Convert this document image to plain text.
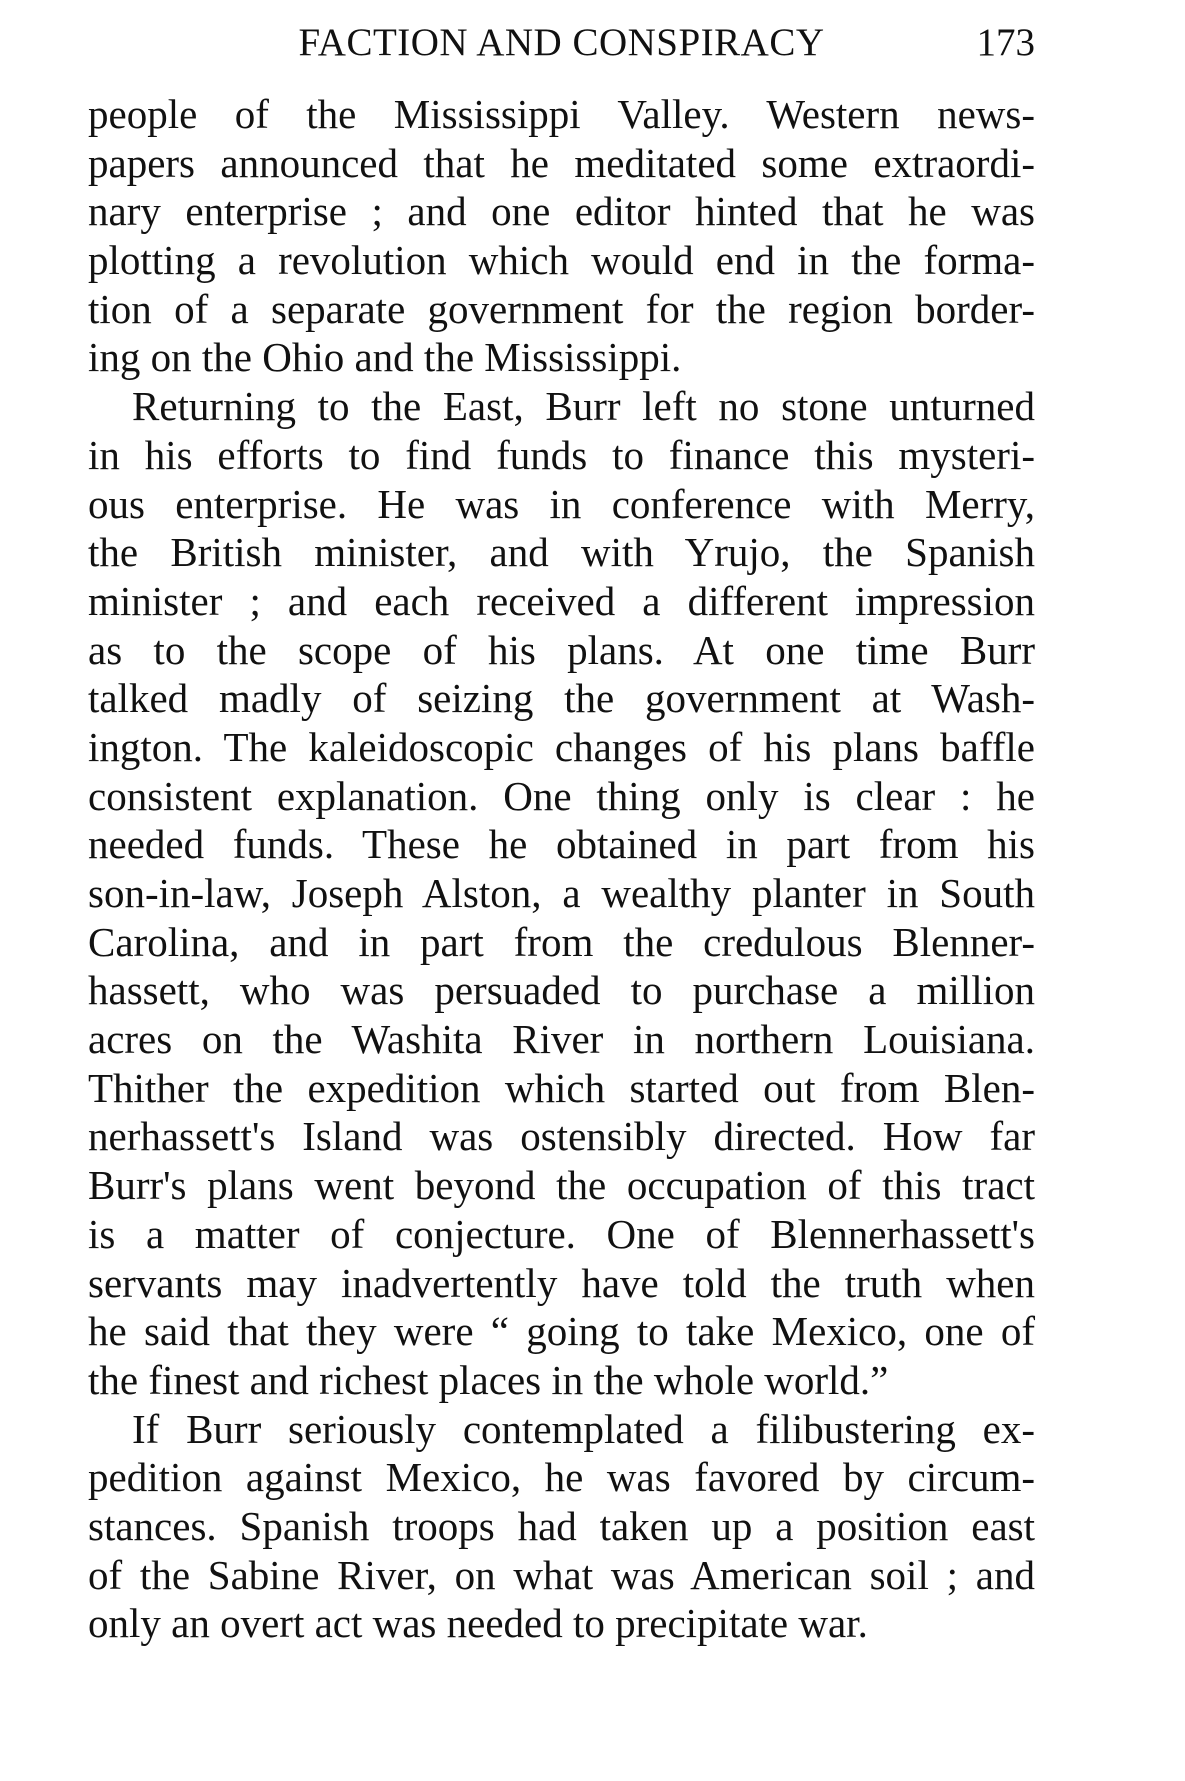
FACTION AND CONSPIRACY	173
people of the Mississippi Valley. Western news-
papers announced that he meditated some extraordi-
nary enterprise ; and one editor hinted that he was
plotting a revolution which would end in the forma-
tion of a separate government for the region border-
ing on the Ohio and the Mississippi.
Returning to the East, Burr left no stone unturned
in his efforts to find funds to finance this mysteri-
ous enterprise. He was in conference with Merry,
the British minister, and with Yrujo, the Spanish
minister ; and each received a different impression
as to the scope of his plans. At one time Burr
talked madly of seizing the government at Wash-
ington. The kaleidoscopic changes of his plans baffle
consistent explanation. One thing only is clear : he
needed funds. These he obtained in part from his
son-in-law, Joseph Alston, a wealthy planter in South
Carolina, and in part from the credulous Blenner-
hassett, who was persuaded to purchase a million
acres on the Washita River in northern Louisiana.
Thither the expedition which started out from Blen-
nerhassett's Island was ostensibly directed. How far
Burr's plans went beyond the occupation of this tract
is a matter of conjecture. One of Blennerhassett's
servants may inadvertently have told the truth when
he said that they were “ going to take Mexico, one of
the finest and richest places in the whole world.”
If Burr seriously contemplated a filibustering ex-
pedition against Mexico, he was favored by circum-
stances. Spanish troops had taken up a position east
of the Sabine River, on what was American soil ; and
only an overt act was needed to precipitate war.
